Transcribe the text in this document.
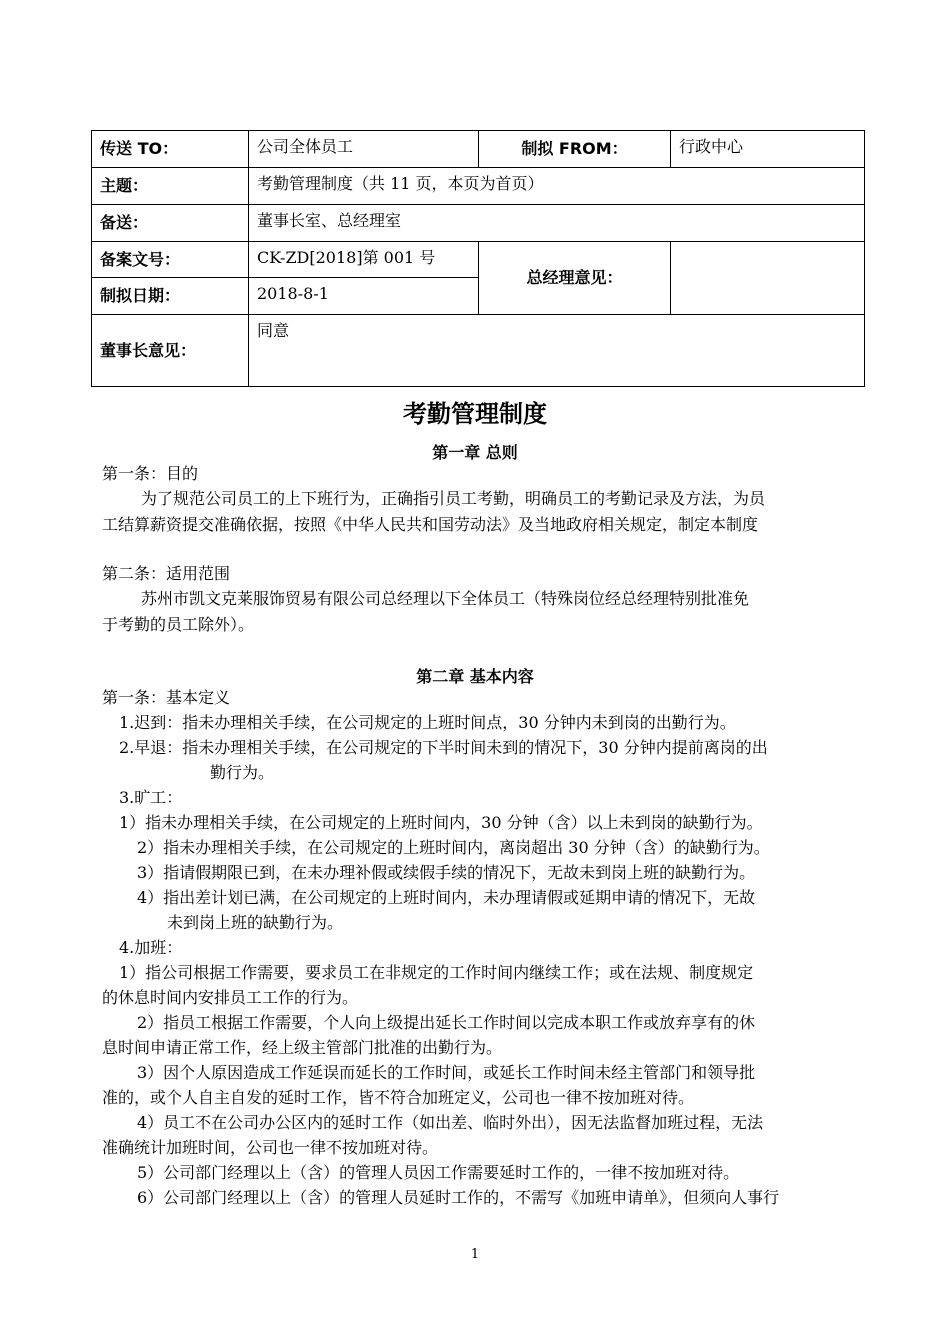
传送 TO：	公司全体员工	制拟 FROM：	行政中心
主题：	考勤管理制度（共 11 页，本页为首页）		
备送：	董事长室、总经理室		
备案文号：	CK-ZD[2018]第 001 号	总经理意见：	
制拟日期：	2018-8-1		
董事长意见：	同意		
考勤管理制度
第一章 总则
第一条：目的
为了规范公司员工的上下班行为，正确指引员工考勤，明确员工的考勤记录及方法，为员
工结算薪资提交准确依据，按照《中华人民共和国劳动法》及当地政府相关规定，制定本制度
第二条：适用范围
苏州市凯文克莱服饰贸易有限公司总经理以下全体员工（特殊岗位经总经理特别批准免
于考勤的员工除外）。
第二章 基本内容
第一条：基本定义
1.迟到：指未办理相关手续，在公司规定的上班时间点，30 分钟内未到岗的出勤行为。
2.早退：指未办理相关手续，在公司规定的下半时间未到的情况下，30 分钟内提前离岗的出
勤行为。
3.旷工：
1）指未办理相关手续，在公司规定的上班时间内，30 分钟（含）以上未到岗的缺勤行为。
2）指未办理相关手续，在公司规定的上班时间内，离岗超出 30 分钟（含）的缺勤行为。
3）指请假期限已到，在未办理补假或续假手续的情况下，无故未到岗上班的缺勤行为。
4）指出差计划已满，在公司规定的上班时间内，未办理请假或延期申请的情况下，无故
未到岗上班的缺勤行为。
4.加班：
1）指公司根据工作需要，要求员工在非规定的工作时间内继续工作；或在法规、制度规定
的休息时间内安排员工工作的行为。
2）指员工根据工作需要，个人向上级提出延长工作时间以完成本职工作或放弃享有的休
息时间申请正常工作，经上级主管部门批准的出勤行为。
3）因个人原因造成工作延误而延长的工作时间，或延长工作时间未经主管部门和领导批
准的，或个人自主自发的延时工作，皆不符合加班定义，公司也一律不按加班对待。
4）员工不在公司办公区内的延时工作（如出差、临时外出），因无法监督加班过程，无法
准确统计加班时间，公司也一律不按加班对待。
5）公司部门经理以上（含）的管理人员因工作需要延时工作的，一律不按加班对待。
6）公司部门经理以上（含）的管理人员延时工作的，不需写《加班申请单》，但须向人事行
1
